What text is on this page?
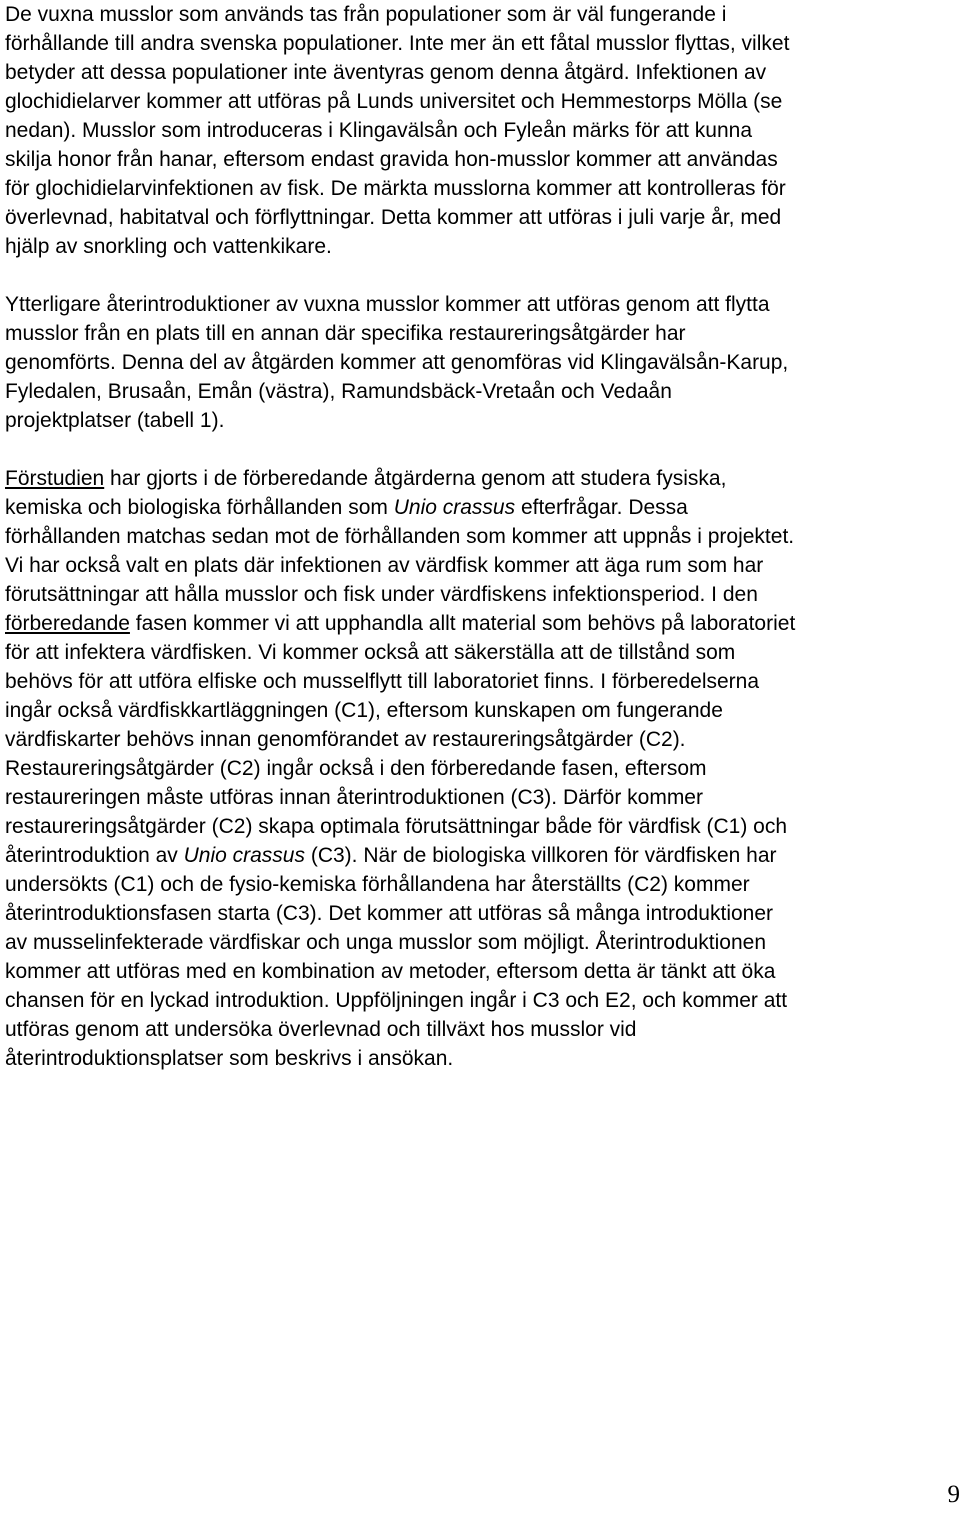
De vuxna musslor som används tas från populationer som är väl fungerande i
förhållande till andra svenska populationer. Inte mer än ett fåtal musslor flyttas, vilket
betyder att dessa populationer inte äventyras genom denna åtgärd. Infektionen av
glochidielarver kommer att utföras på Lunds universitet och Hemmestorps Mölla (se
nedan). Musslor som introduceras i Klingavälsån och Fyleån märks för att kunna
skilja honor från hanar, eftersom endast gravida hon-musslor kommer att användas
för glochidielarvinfektionen av fisk. De märkta musslorna kommer att kontrolleras för
överlevnad, habitatval och förflyttningar. Detta kommer att utföras i juli varje år, med
hjälp av snorkling och vattenkikare.

Ytterligare återintroduktioner av vuxna musslor kommer att utföras genom att flytta
musslor från en plats till en annan där specifika restaureringsåtgärder har
genomförts. Denna del av åtgärden kommer att genomföras vid Klingavälsån-Karup,
Fyledalen, Brusaån, Emån (västra), Ramundsbäck-Vretaån och Vedaån
projektplatser (tabell 1).

Förstudien har gjorts i de förberedande åtgärderna genom att studera fysiska,
kemiska och biologiska förhållanden som Unio crassus efterfrågar. Dessa
förhållanden matchas sedan mot de förhållanden som kommer att uppnås i projektet.
Vi har också valt en plats där infektionen av värdfisk kommer att äga rum som har
förutsättningar att hålla musslor och fisk under värdfiskens infektionsperiod. I den
förberedande fasen kommer vi att upphandla allt material som behövs på laboratoriet
för att infektera värdfisken. Vi kommer också att säkerställa att de tillstånd som
behövs för att utföra elfiske och musselflytt till laboratoriet finns. I förberedelserna
ingår också värdfiskkartläggningen (C1), eftersom kunskapen om fungerande
värdfiskarter behövs innan genomförandet av restaureringsåtgärder (C2).
Restaureringsåtgärder (C2) ingår också i den förberedande fasen, eftersom
restaureringen måste utföras innan återintroduktionen (C3). Därför kommer
restaureringsåtgärder (C2) skapa optimala förutsättningar både för värdfisk (C1) och
återintroduktion av Unio crassus (C3). När de biologiska villkoren för värdfisken har
undersökts (C1) och de fysio-kemiska förhållandena har återställts (C2) kommer
återintroduktionsfasen starta (C3). Det kommer att utföras så många introduktioner
av musselinfekterade värdfiskar och unga musslor som möjligt. Återintroduktionen
kommer att utföras med en kombination av metoder, eftersom detta är tänkt att öka
chansen för en lyckad introduktion. Uppföljningen ingår i C3 och E2, och kommer att
utföras genom att undersöka överlevnad och tillväxt hos musslor vid
återintroduktionsplatser som beskrivs i ansökan.

9
